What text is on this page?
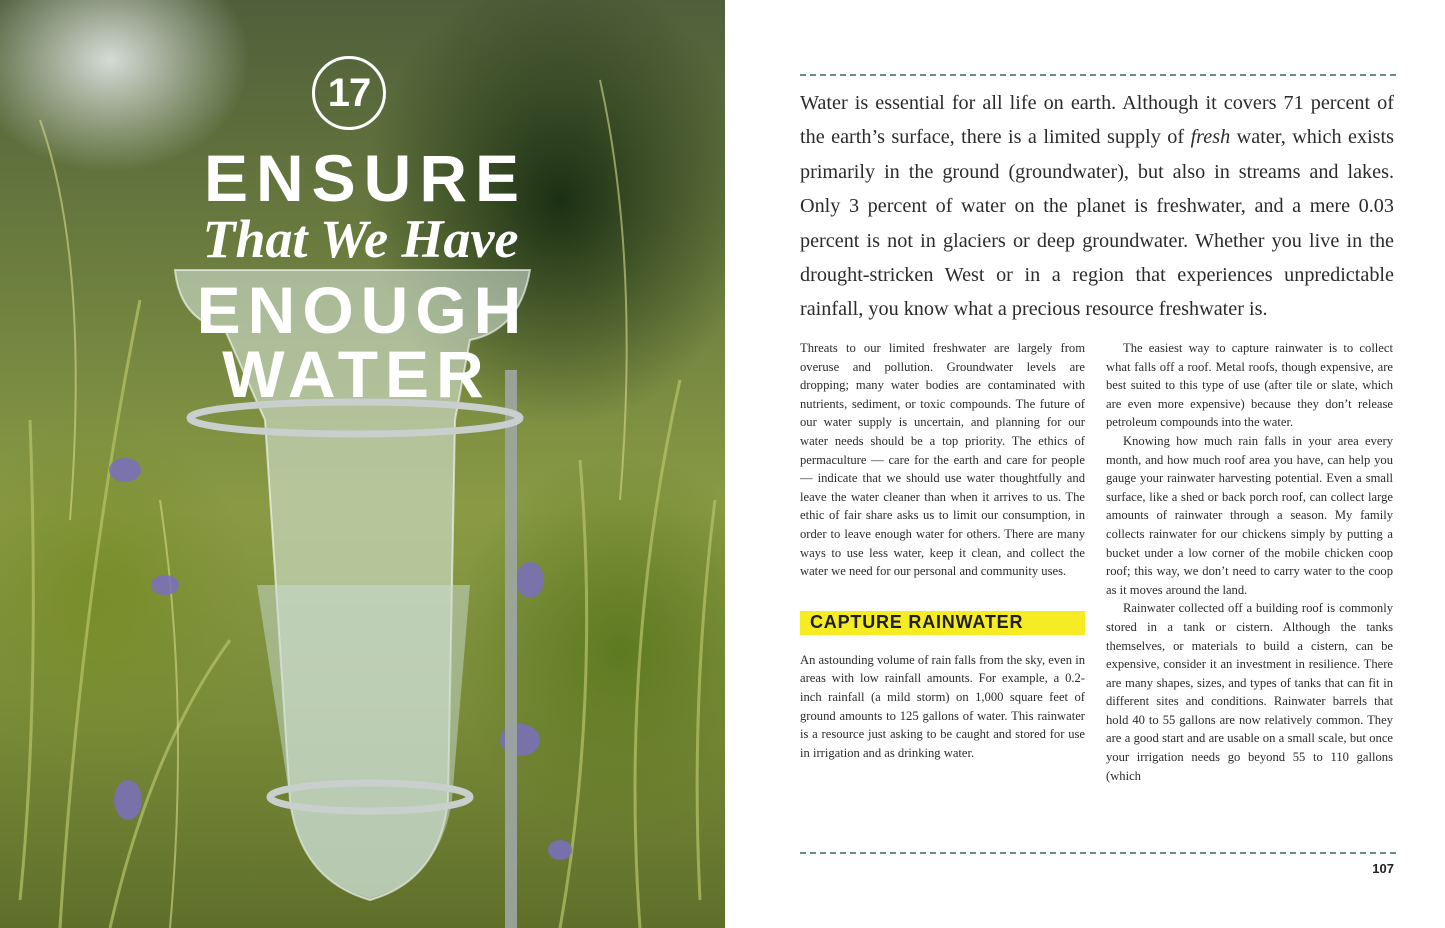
17
ENSURE
That We Have
ENOUGH
WATER

Water is essential for all life on earth. Although it covers 71 percent of the earth’s surface, there is a limited supply of fresh water, which exists primarily in the ground (groundwater), but also in streams and lakes. Only 3 percent of water on the planet is freshwater, and a mere 0.03 percent is not in glaciers or deep groundwater. Whether you live in the drought-stricken West or in a region that experiences unpredictable rainfall, you know what a precious resource freshwater is.

Threats to our limited freshwater are largely from overuse and pollution. Groundwater levels are dropping; many water bodies are contaminated with nutrients, sediment, or toxic compounds. The future of our water supply is uncertain, and planning for our water needs should be a top priority. The ethics of permaculture — care for the earth and care for people — indicate that we should use water thoughtfully and leave the water cleaner than when it arrives to us. The ethic of fair share asks us to limit our consumption, in order to leave enough water for others. There are many ways to use less water, keep it clean, and collect the water we need for our personal and community uses.

CAPTURE RAINWATER

An astounding volume of rain falls from the sky, even in areas with low rainfall amounts. For example, a 0.2-inch rainfall (a mild storm) on 1,000 square feet of ground amounts to 125 gallons of water. This rainwater is a resource just asking to be caught and stored for use in irrigation and as drinking water.

The easiest way to capture rainwater is to collect what falls off a roof. Metal roofs, though expensive, are best suited to this type of use (after tile or slate, which are even more expensive) because they don’t release petroleum compounds into the water.

Knowing how much rain falls in your area every month, and how much roof area you have, can help you gauge your rainwater harvesting potential. Even a small surface, like a shed or back porch roof, can collect large amounts of rainwater through a season. My family collects rainwater for our chickens simply by putting a bucket under a low corner of the mobile chicken coop roof; this way, we don’t need to carry water to the coop as it moves around the land.

Rainwater collected off a building roof is commonly stored in a tank or cistern. Although the tanks themselves, or materials to build a cistern, can be expensive, consider it an investment in resilience. There are many shapes, sizes, and types of tanks that can fit in different sites and conditions. Rainwater barrels that hold 40 to 55 gallons are now relatively common. They are a good start and are usable on a small scale, but once your irrigation needs go beyond 55 to 110 gallons (which

107
